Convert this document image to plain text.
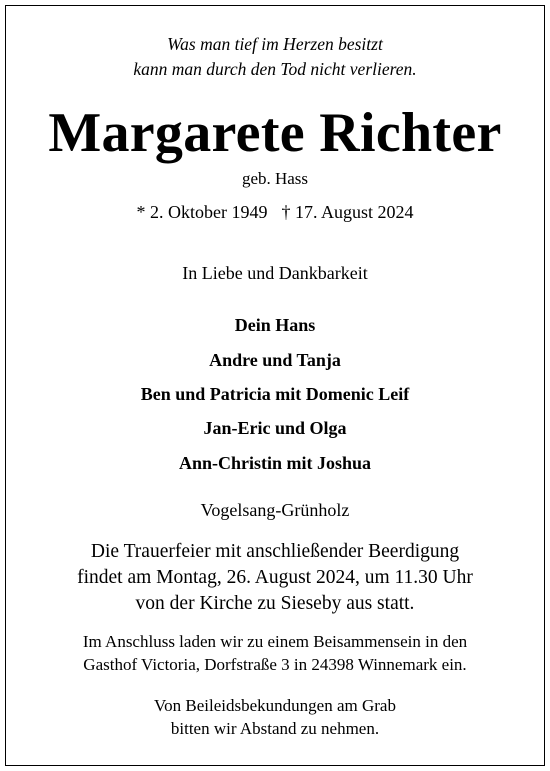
Was man tief im Herzen besitzt
kann man durch den Tod nicht verlieren.
Margarete Richter
geb. Hass
* 2. Oktober 1949 † 17. August 2024
In Liebe und Dankbarkeit
Dein Hans
Andre und Tanja
Ben und Patricia mit Domenic Leif
Jan-Eric und Olga
Ann-Christin mit Joshua
Vogelsang-Grünholz
Die Trauerfeier mit anschließender Beerdigung
findet am Montag, 26. August 2024, um 11.30 Uhr
von der Kirche zu Sieseby aus statt.
Im Anschluss laden wir zu einem Beisammensein in den
Gasthof Victoria, Dorfstraße 3 in 24398 Winnemark ein.
Von Beileidsbekundungen am Grab
bitten wir Abstand zu nehmen.
